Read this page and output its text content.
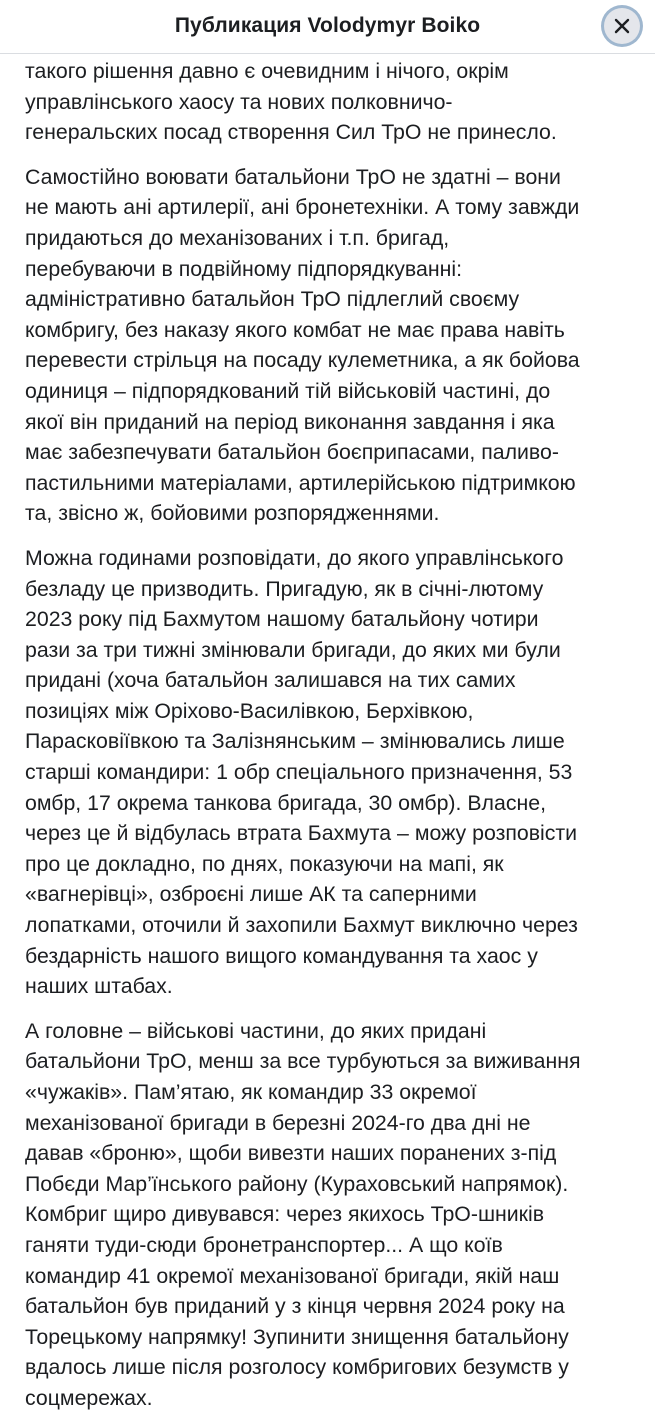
Публикация Volodymyr Boiko

такого рішення давно є очевидним і нічого, окрім
управлінського хаосу та нових полковничо-
генеральских посад створення Сил ТрО не принесло.

Самостійно воювати батальйони ТрО не здатні – вони
не мають ані артилерії, ані бронетехніки. А тому завжди
придаються до механізованих і т.п. бригад,
перебуваючи в подвійному підпорядкуванні:
адміністративно батальйон ТрО підлеглий своєму
комбригу, без наказу якого комбат не має права навіть
перевести стрільця на посаду кулеметника, а як бойова
одиниця – підпорядкований тій військовій частині, до
якої він приданий на період виконання завдання і яка
має забезпечувати батальйон боєприпасами, паливо-
пастильними матеріалами, артилерійською підтримкою
та, звісно ж, бойовими розпорядженнями.

Можна годинами розповідати, до якого управлінського
безладу це призводить. Пригадую, як в січні-лютому
2023 року під Бахмутом нашому батальйону чотири
рази за три тижні змінювали бригади, до яких ми були
придані (хоча батальйон залишався на тих самих
позиціях між Оріхово-Василівкою, Берхівкою,
Парасковіївкою та Залізнянським – змінювались лише
старші командири: 1 обр спеціального призначення, 53
омбр, 17 окрема танкова бригада, 30 омбр). Власне,
через це й відбулась втрата Бахмута – можу розповісти
про це докладно, по днях, показуючи на мапі, як
«вагнерівці», озброєні лише АК та саперними
лопатками, оточили й захопили Бахмут виключно через
бездарність нашого вищого командування та хаос у
наших штабах.

А головне – військові частини, до яких придані
батальйони ТрО, менш за все турбуються за виживання
«чужаків». Пам’ятаю, як командир 33 окремої
механізованої бригади в березні 2024-го два дні не
давав «броню», щоби вивезти наших поранених з-під
Побєди Мар’їнського району (Кураховський напрямок).
Комбриг щиро дивувався: через якихось ТрО-шників
ганяти туди-сюди бронетранспортер... А що коїв
командир 41 окремої механізованої бригади, якій наш
батальйон був приданий у з кінця червня 2024 року на
Торецькому напрямку! Зупинити знищення батальйону
вдалось лише після розголосу комбригових безумств у
соцмережах.
